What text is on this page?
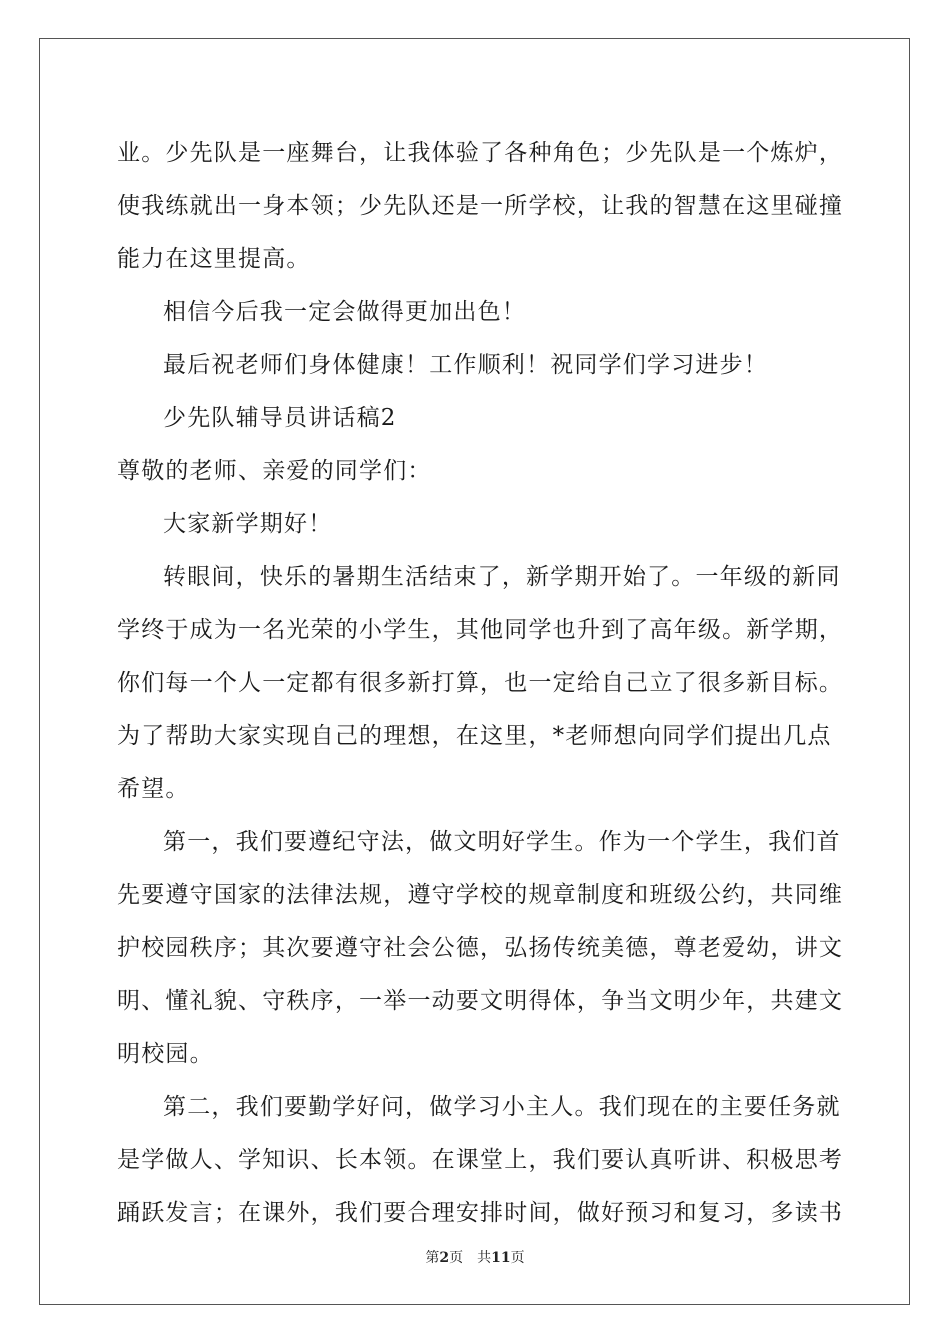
业 。 少 先 队 是 一 座 舞 台 ， 让 我 体 验 了 各 种 角 色 ； 少 先 队 是 一 个 炼 炉 ，
使 我 练 就 出 一 身 本 领 ； 少 先 队 还 是 一 所 学 校 ， 让 我 的 智 慧 在 这 里 碰 撞
能力在这里提高。
相信今后我一定会做得更加出色！
最后祝老师们身体健康！工作顺利！祝同学们学习进步！
少先队辅导员讲话稿2
尊敬的老师、亲爱的同学们：
大家新学期好！
转 眼 间 ， 快 乐 的 暑 期 生 活 结 束 了 ， 新 学 期 开 始 了 。 一 年 级 的 新 同
学 终 于 成 为 一 名 光 荣 的 小 学 生 ， 其 他 同 学 也 升 到 了 高 年 级 。 新 学 期 ，
你 们 每 一 个 人 一 定 都 有 很 多 新 打 算 ， 也 一 定 给 自 己 立 了 很 多 新 目 标 。
为 了 帮 助 大 家 实 现 自 己 的 理 想 ， 在 这 里 ， * 老 师 想 向 同 学 们 提 出 几 点
希望。
第 一 ， 我 们 要 遵 纪 守 法 ， 做 文 明 好 学 生 。 作 为 一 个 学 生 ， 我 们 首
先 要 遵 守 国 家 的 法 律 法 规 ， 遵 守 学 校 的 规 章 制 度 和 班 级 公 约 ， 共 同 维
护 校 园 秩 序 ； 其 次 要 遵 守 社 会 公 德 ， 弘 扬 传 统 美 德 ， 尊 老 爱 幼 ， 讲 文
明 、 懂 礼 貌 、 守 秩 序 ， 一 举 一 动 要 文 明 得 体 ， 争 当 文 明 少 年 ， 共 建 文
明校园。
第 二 ， 我 们 要 勤 学 好 问 ， 做 学 习 小 主 人 。 我 们 现 在 的 主 要 任 务 就
是 学 做 人 、 学 知 识 、 长 本 领 。 在 课 堂 上 ， 我 们 要 认 真 听 讲 、 积 极 思 考
踊 跃 发 言 ； 在 课 外 ， 我 们 要 合 理 安 排 时 间 ， 做 好 预 习 和 复 习 ， 多 读 书
第2页 共11页
